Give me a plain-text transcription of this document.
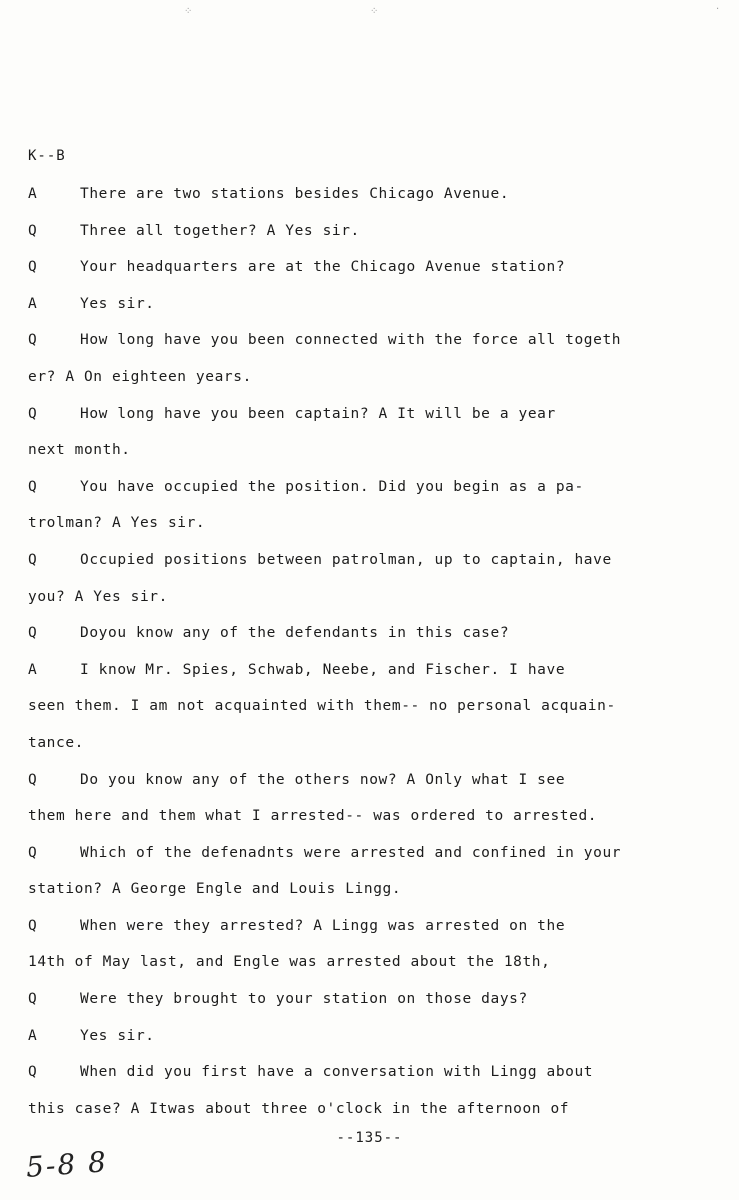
⁘	⁘	‧
K--B
A	There are two stations besides Chicago Avenue.
Q	Three all together? A Yes sir.
Q	Your headquarters are at the Chicago Avenue station?
A	Yes sir.
Q	How long have you been connected with the force all togeth
er? A On eighteen years.
Q	How long have you been captain? A It will be a year
next month.
Q	You have occupied the position. Did you begin as a pa-
trolman? A Yes sir.
Q	Occupied positions between patrolman, up to captain, have
you? A Yes sir.
Q	Doyou know any of the defendants in this case?
A	I know Mr. Spies, Schwab, Neebe, and Fischer. I have
seen them. I am not acquainted with them-- no personal acquain-
tance.
Q	Do you know any of the others now? A Only what I see
them here and them what I arrested-- was ordered to arrested.
Q	Which of the defenadnts were arrested and confined in your
station? A George Engle and Louis Lingg.
Q	When were they arrested? A Lingg was arrested on the
14th of May last, and Engle was arrested about the 18th,
Q	Were they brought to your station on those days?
A	Yes sir.
Q	When did you first have a conversation with Lingg about
this case? A Itwas about three o'clock in the afternoon of
--135--
5-8 8
